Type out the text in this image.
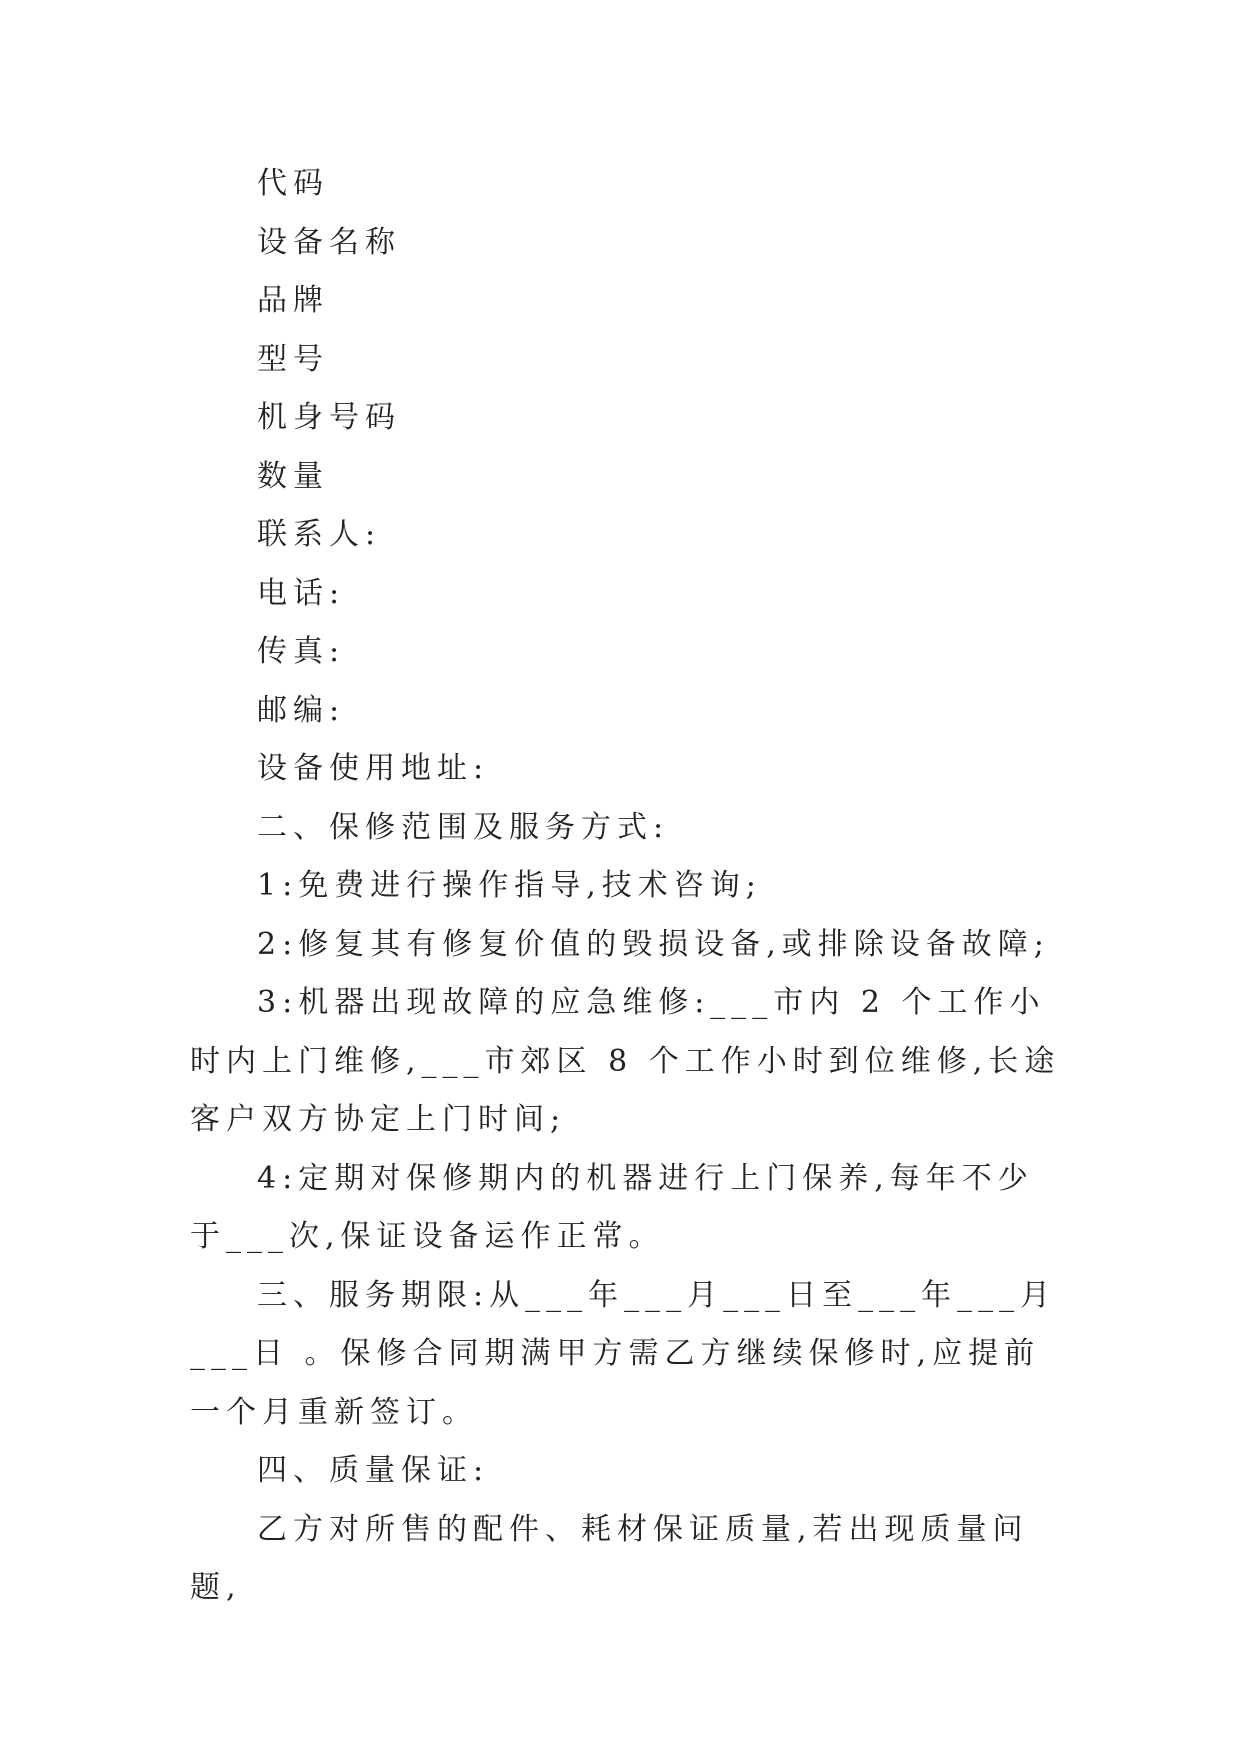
代码

设备名称

品牌

型号

机身号码

数量

联系人:

电话:

传真:

邮编:

设备使用地址:

二、保修范围及服务方式:

1:免费进行操作指导,技术咨询;

2:修复其有修复价值的毁损设备,或排除设备故障;

3:机器出现故障的应急维修:___市内 2 个工作小时内上门维修,___市郊区 8 个工作小时到位维修,长途客户双方协定上门时间;

4:定期对保修期内的机器进行上门保养,每年不少于___次,保证设备运作正常。

三、服务期限:从___年___月___日至___年___月___日 。保修合同期满甲方需乙方继续保修时,应提前一个月重新签订。

四、质量保证:

乙方对所售的配件、耗材保证质量,若出现质量问题,
